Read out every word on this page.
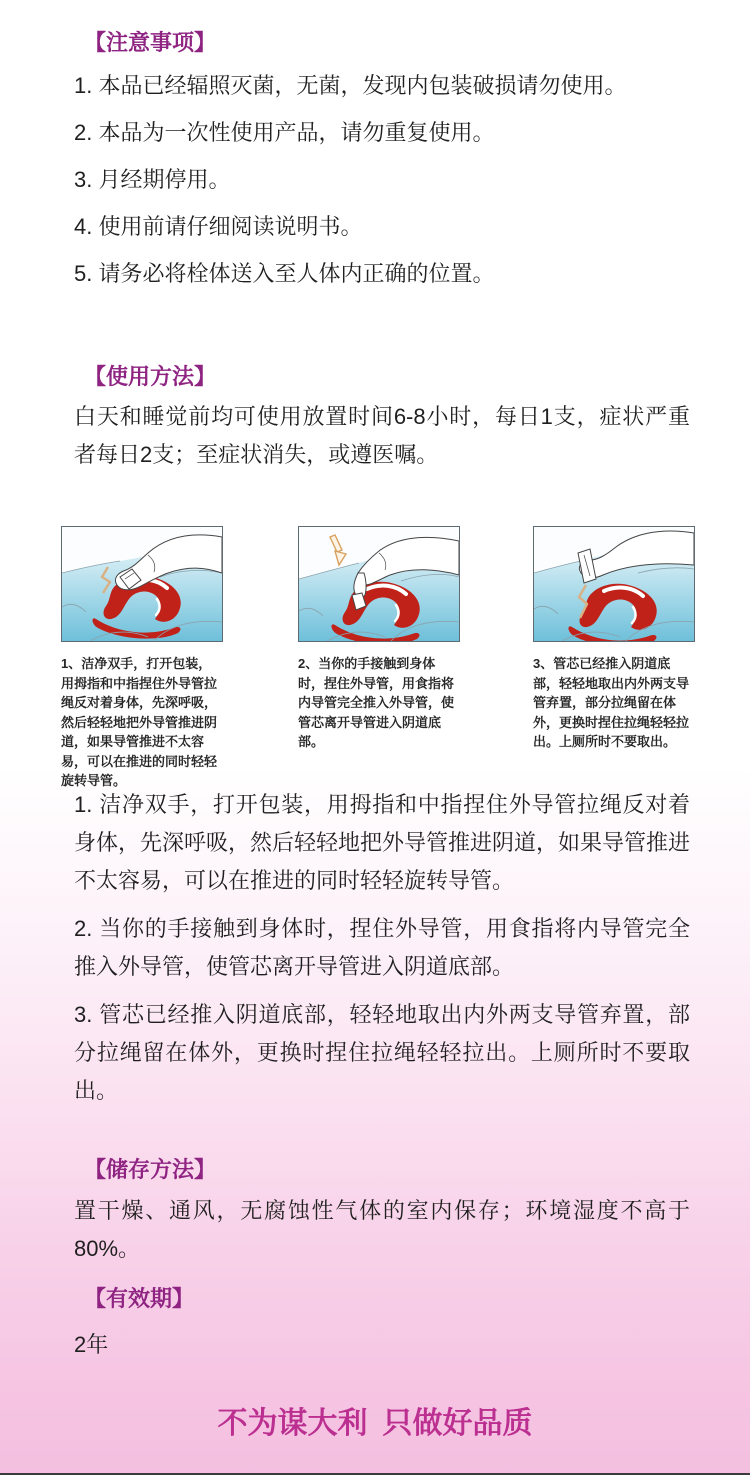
【注意事项】
1. 本品已经辐照灭菌，无菌，发现内包装破损请勿使用。
2. 本品为一次性使用产品，请勿重复使用。
3. 月经期停用。
4. 使用前请仔细阅读说明书。
5. 请务必将栓体送入至人体内正确的位置。
【使用方法】
白天和睡觉前均可使用放置时间6-8小时，每日1支，症状严重者每日2支；至症状消失，或遵医嘱。
1、洁净双手，打开包装，用拇指和中指捏住外导管拉绳反对着身体，先深呼吸，然后轻轻地把外导管推进阴道，如果导管推进不太容易，可以在推进的同时轻轻旋转导管。
2、当你的手接触到身体时，捏住外导管，用食指将内导管完全推入外导管，使管芯离开导管进入阴道底部。
3、管芯已经推入阴道底部，轻轻地取出内外两支导管弃置，部分拉绳留在体外，更换时捏住拉绳轻轻拉出。上厕所时不要取出。

1. 洁净双手，打开包装，用拇指和中指捏住外导管拉绳反对着身体，先深呼吸，然后轻轻地把外导管推进阴道，如果导管推进不太容易，可以在推进的同时轻轻旋转导管。

2. 当你的手接触到身体时，捏住外导管，用食指将内导管完全推入外导管，使管芯离开导管进入阴道底部。

3. 管芯已经推入阴道底部，轻轻地取出内外两支导管弃置，部分拉绳留在体外，更换时捏住拉绳轻轻拉出。上厕所时不要取出。

【储存方法】
置干燥、通风，无腐蚀性气体的室内保存；环境湿度不高于80%。
【有效期】
2年
不为谋大利 只做好品质
